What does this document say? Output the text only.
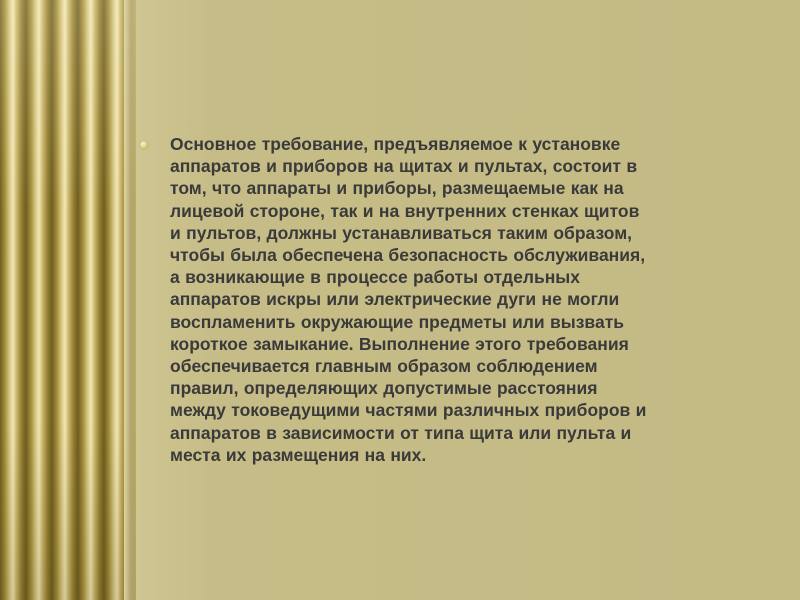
Основное требование, предъявляемое к установке
аппаратов и приборов на щитах и пультах, состоит в
том, что аппараты и приборы, размещаемые как на
лицевой стороне, так и на внутренних стенках щитов
и пультов, должны устанавливаться таким образом,
чтобы была обеспечена безопасность обслуживания,
а возникающие в процессе работы отдельных
аппаратов искры или электрические дуги не могли
воспламенить окружающие предметы или вызвать
короткое замыкание. Выполнение этого требования
обеспечивается главным образом соблюдением
правил, определяющих допустимые расстояния
между токоведущими частями различных приборов и
аппаратов в зависимости от типа щита или пульта и
места их размещения на них.
